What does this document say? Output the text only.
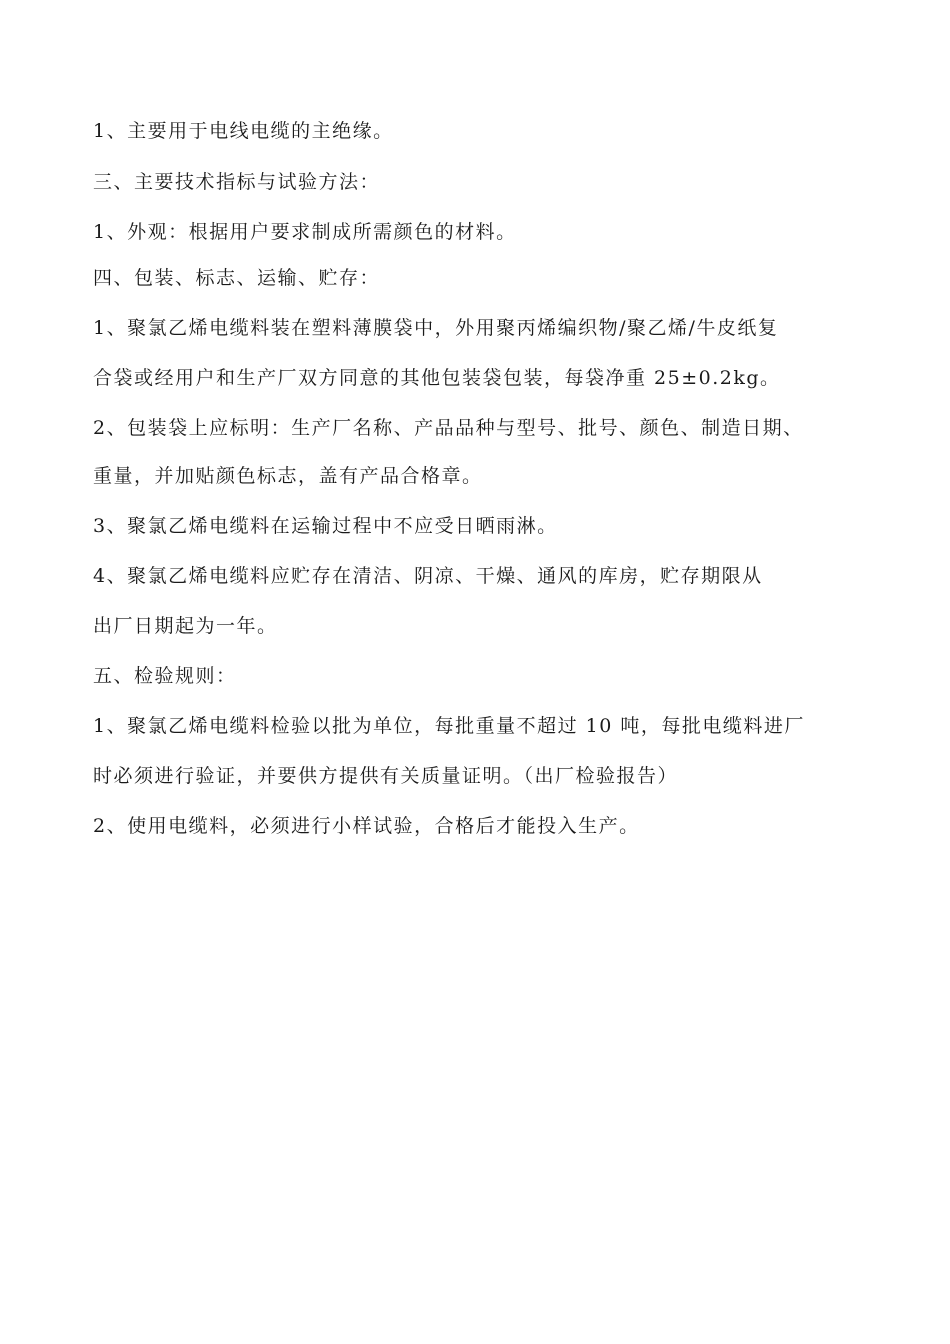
1、主要用于电线电缆的主绝缘。
三、主要技术指标与试验方法：
1、外观：根据用户要求制成所需颜色的材料。
四、包装、标志、运输、贮存：
1、聚氯乙烯电缆料装在塑料薄膜袋中，外用聚丙烯编织物/聚乙烯/牛皮纸复
合袋或经用户和生产厂双方同意的其他包装袋包装，每袋净重 25±0.2kg。
2、包装袋上应标明：生产厂名称、产品品种与型号、批号、颜色、制造日期、
重量，并加贴颜色标志，盖有产品合格章。
3、聚氯乙烯电缆料在运输过程中不应受日晒雨淋。
4、聚氯乙烯电缆料应贮存在清洁、阴凉、干燥、通风的库房，贮存期限从
出厂日期起为一年。
五、检验规则：
1、聚氯乙烯电缆料检验以批为单位，每批重量不超过 10 吨，每批电缆料进厂
时必须进行验证，并要供方提供有关质量证明。（出厂检验报告）
2、使用电缆料，必须进行小样试验，合格后才能投入生产。
